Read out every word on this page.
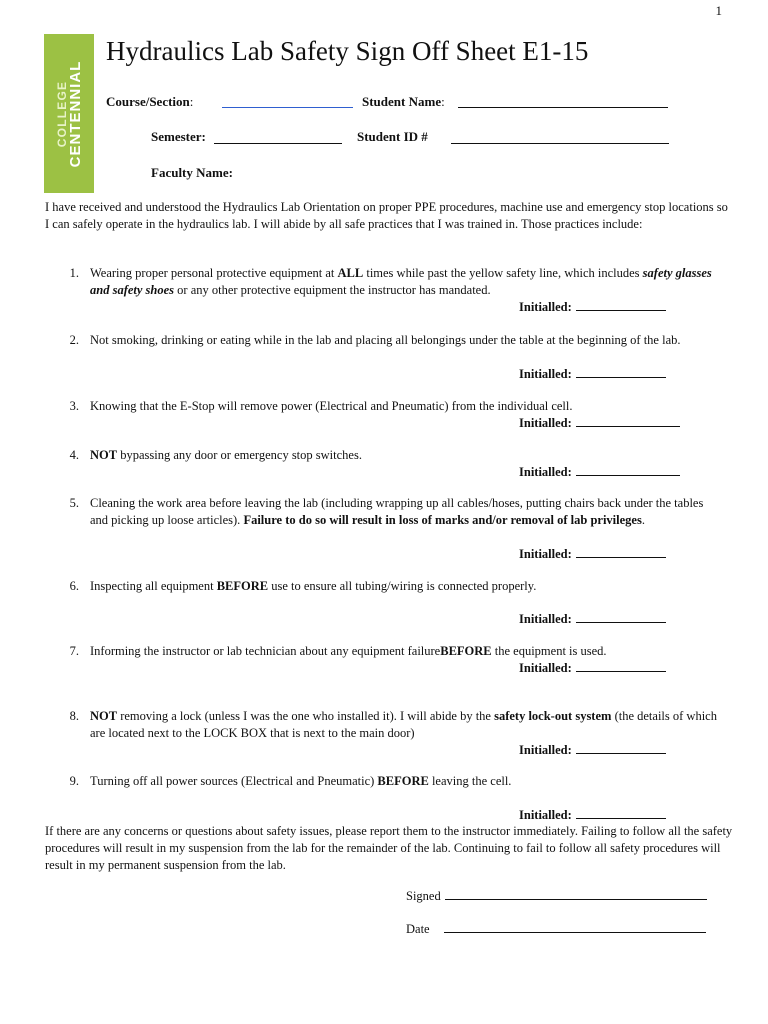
1
COLLEGE
CENTENNIAL
Hydraulics Lab Safety Sign Off Sheet E1-15
Course/Section:	Student Name:
Semester:	Student ID #
Faculty Name:
I have received and understood the Hydraulics Lab Orientation on proper PPE procedures, machine use and emergency stop locations so I can safely operate in the hydraulics lab. I will abide by all safe practices that I was trained in. Those practices include:
1. Wearing proper personal protective equipment at ALL times while past the yellow safety line, which includes safety glasses and safety shoes or any other protective equipment the instructor has mandated.
Initialled:
2. Not smoking, drinking or eating while in the lab and placing all belongings under the table at the beginning of the lab.
Initialled:
3. Knowing that the E-Stop will remove power (Electrical and Pneumatic) from the individual cell.
Initialled:
4. NOT bypassing any door or emergency stop switches.
Initialled:
5. Cleaning the work area before leaving the lab (including wrapping up all cables/hoses, putting chairs back under the tables and picking up loose articles). Failure to do so will result in loss of marks and/or removal of lab privileges.
Initialled:
6. Inspecting all equipment BEFORE use to ensure all tubing/wiring is connected properly.
Initialled:
7. Informing the instructor or lab technician about any equipment failureBEFORE the equipment is used.
Initialled:
8. NOT removing a lock (unless I was the one who installed it). I will abide by the safety lock-out system (the details of which are located next to the LOCK BOX that is next to the main door)
Initialled:
9. Turning off all power sources (Electrical and Pneumatic) BEFORE leaving the cell.
Initialled:
If there are any concerns or questions about safety issues, please report them to the instructor immediately. Failing to follow all the safety procedures will result in my suspension from the lab for the remainder of the lab. Continuing to fail to follow all safety procedures will result in my permanent suspension from the lab.
Signed
Date
